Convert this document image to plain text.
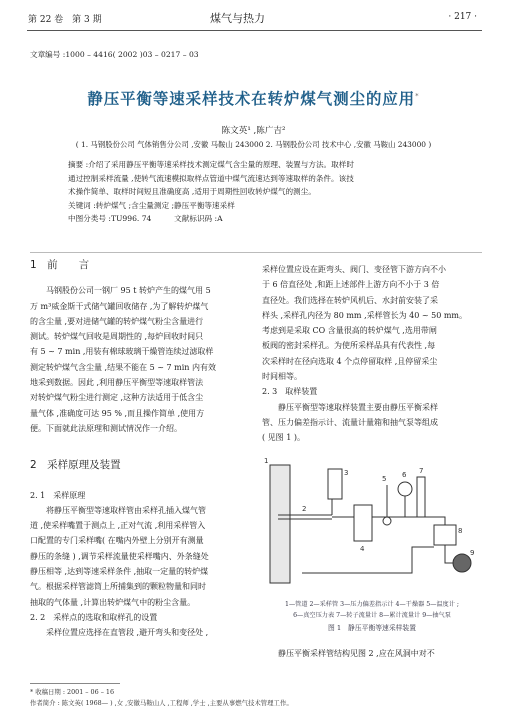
第 22 卷　第 3 期	煤气与热力	· 217 ·
文章编号 :1000 – 4416( 2002 )03 – 0217 – 03
静压平衡等速采样技术在转炉煤气测尘的应用*
陈文英¹ ,陈广吉²
( 1. 马钢股份公司 气体销售分公司 ,安徽 马鞍山 243000 2. 马钢股份公司 技术中心 ,安徽 马鞍山 243000 )
摘要 :介绍了采用静压平衡等速采样技术测定煤气含尘量的原理、装置与方法。取样时
通过控制采样流量 ,使转气流速模拟取样点管道中煤气流速达到等速取样的条件。该技
术操作简单、取样时间短且准确度高 ,适用于周期性回收转炉煤气的测尘。
关键词 :转炉煤气 ;含尘量测定 ;静压平衡等速采样
中图分类号 :TU996. 74　　　文献标识码 :A
1　前　　言

　　马钢股份公司一钢厂 95 t 转炉产生的煤气用 5

万 m³威金斯干式储气罐回收储存 ,为了解转炉煤气

的含尘量 ,要对进储气罐的转炉煤气粉尘含量进行

测试。转炉煤气回收是周期性的 ,每炉回收时间只

有 5 ~ 7 min ,用装有棉球玻璃干燥管连续过滤取样

测定转炉煤气含尘量 ,结果不能在 5 ~ 7 min 内有效

地采到数据。因此 ,利用静压平衡型等速取样管法

对转炉煤气粉尘进行测定 ,这种方法适用于低含尘

量气体 ,准确度可达 95 % ,而且操作简单 ,使用方

便。下面就此法原理和测试情况作一介绍。

2　采样原理及装置
2. 1　采样原理

　　将静压平衡型等速取样管由采样孔插入煤气管

道 ,使采样嘴置于测点上 ,正对气流 ,利用采样管入

口配置的专门采样嘴( 在嘴内外壁上分别开有测量

静压的条缝 ) ,调节采样流量使采样嘴内、外条缝处

静压相等 ,达到等速采样条件 ,抽取一定量的转炉煤

气。根据采样管滤筒上所捕集到的颗粒物量和同时

抽取的气体量 ,计算出转炉煤气中的粉尘含量。

2. 2　采样点的选取和取样孔的设置

　　采样位置应选择在直管段 ,避开弯头和变径处 ,

采样位置应设在距弯头、阀门、变径管下游方向不小

于 6 倍直径处 ,和距上述部件上游方向不小于 3 倍

直径处。我们选择在转炉风机后、水封前安装了采

样头 ,采样孔内径为 80 mm ,采样管长为 40 ~ 50 mm。

考虑到是采取 CO 含量很高的转炉煤气 ,选用带闸

板阀的密封采样孔。为使所采样品具有代表性 ,每

次采样时在径向选取 4 个点停留取样 ,且停留采尘

时间相等。

2. 3　取样装置

　　静压平衡型等速取样装置主要由静压平衡采样

管、压力偏差指示计、流量计量箱和抽气泵等组成

( 见图 1 )。

1
2
3
4
5 6 7
8
9
1—管道 2—采样管 3—压力偏差指示计 4—干燥器 5—温度计 ;
6—真空压力表 7—转子流量计 8—累计流量计 9—抽气泵
图 1　静压平衡等速采样装置

　　静压平衡采样管结构见图 2 ,应在风洞中对不

* 收稿日期 : 2001 – 06 – 16
作者简介 : 陈文英( 1968— ) ,女 ,安徽马鞍山人 ,工程师 ,学士 ,主要从事燃气技术管理工作。
